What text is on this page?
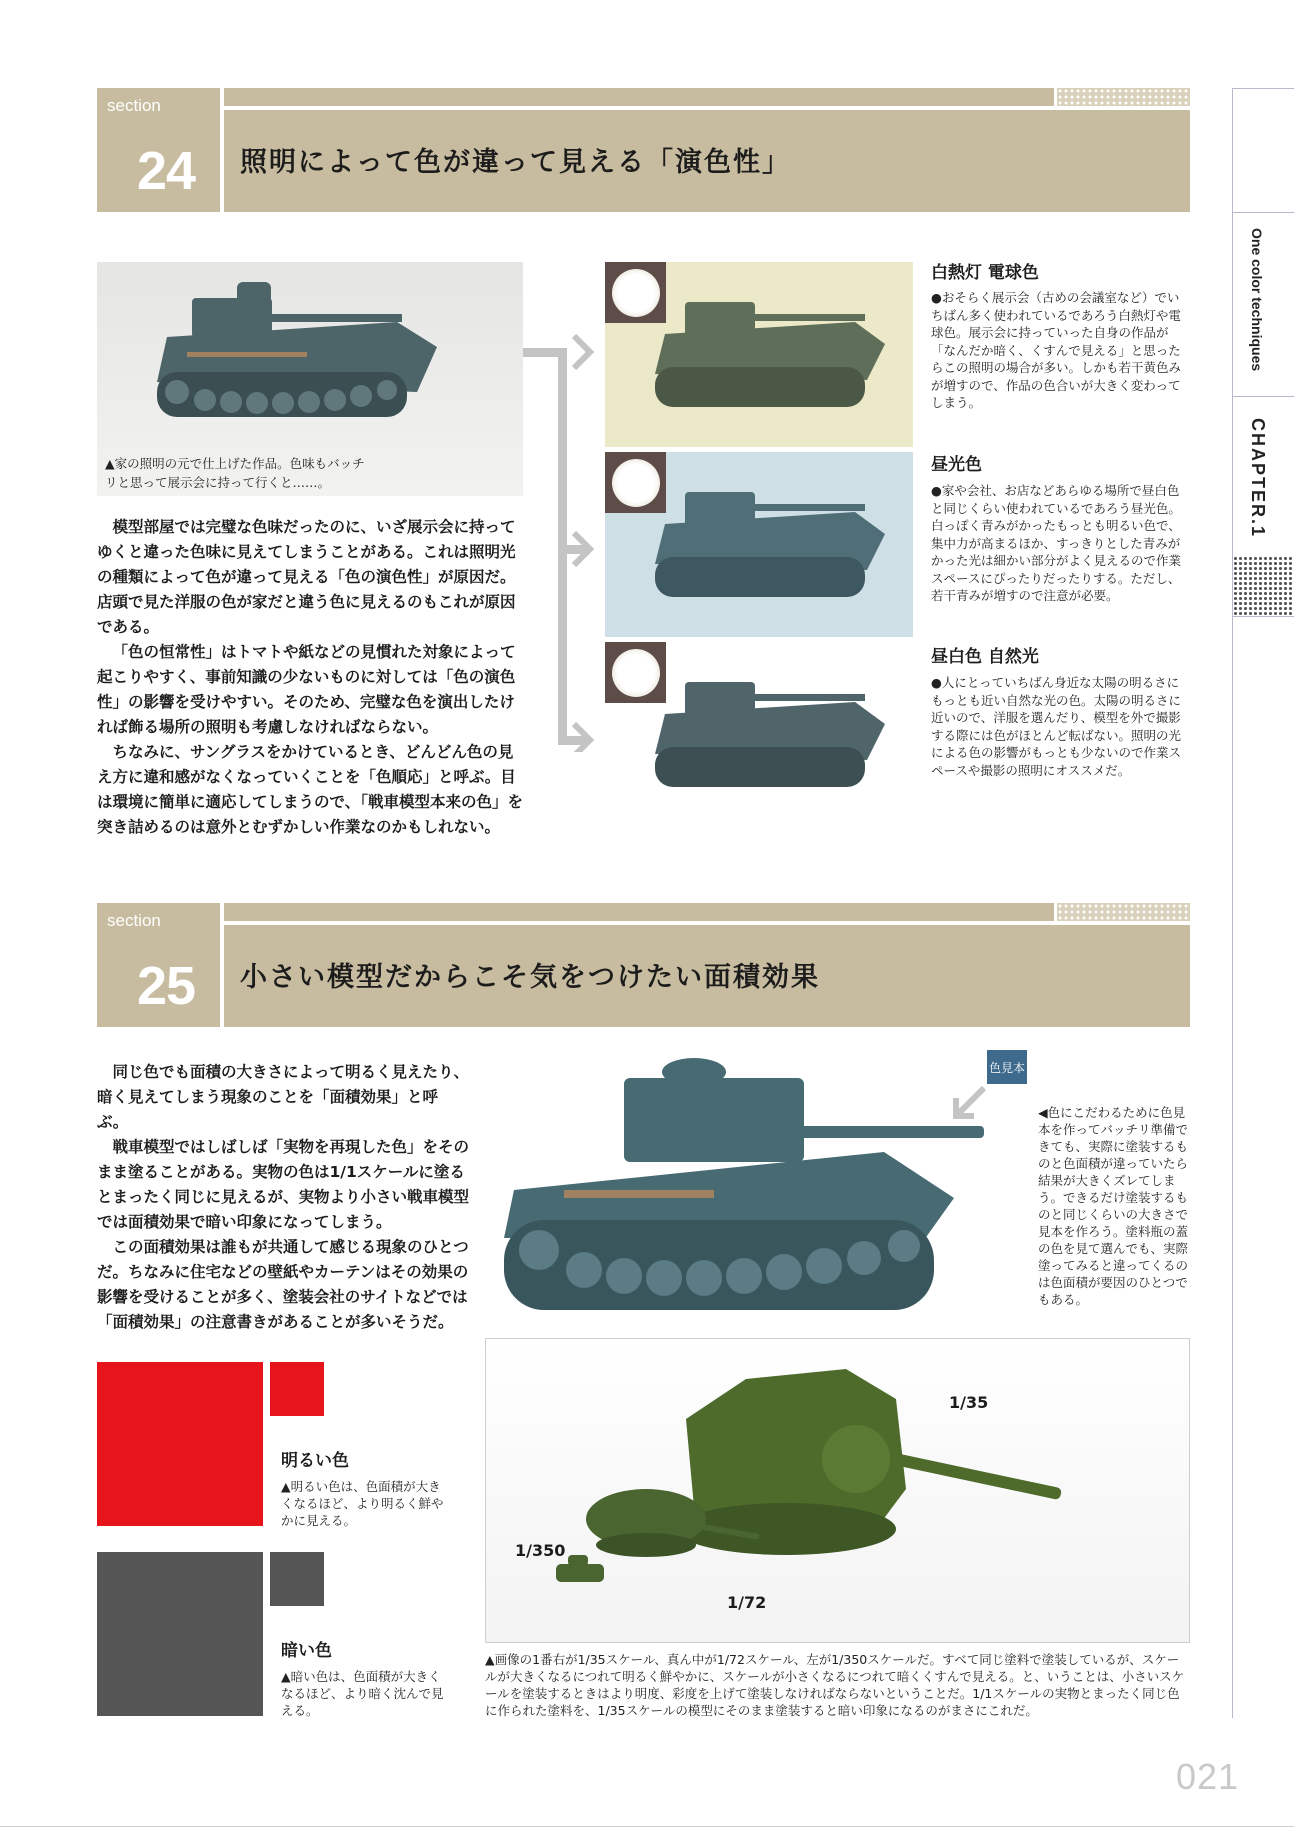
One color techniques
CHAPTER.1
section
24 照明によって色が違って見える「演色性」
▲家の照明の元で仕上げた作品。色味もバッチリと思って展示会に持って行くと……。

模型部屋では完璧な色味だったのに、いざ展示会に持ってゆくと違った色味に見えてしまうことがある。これは照明光の種類によって色が違って見える「色の演色性」が原因だ。店頭で見た洋服の色が家だと違う色に見えるのもこれが原因である。

「色の恒常性」はトマトや紙などの見慣れた対象によって起こりやすく、事前知識の少ないものに対しては「色の演色性」の影響を受けやすい。そのため、完璧な色を演出したければ飾る場所の照明も考慮しなければならない。

ちなみに、サングラスをかけているとき、どんどん色の見え方に違和感がなくなっていくことを「色順応」と呼ぶ。目は環境に簡単に適応してしまうので、「戦車模型本来の色」を突き詰めるのは意外とむずかしい作業なのかもしれない。

白熱灯 電球色
●おそらく展示会（古めの会議室など）でいちばん多く使われているであろう白熱灯や電球色。展示会に持っていった自身の作品が「なんだか暗く、くすんで見える」と思ったらこの照明の場合が多い。しかも若干黄色みが増すので、作品の色合いが大きく変わってしまう。
昼光色
●家や会社、お店などあらゆる場所で昼白色と同じくらい使われているであろう昼光色。白っぽく青みがかったもっとも明るい色で、集中力が高まるほか、すっきりとした青みがかった光は細かい部分がよく見えるので作業スペースにぴったりだったりする。ただし、若干青みが増すので注意が必要。
昼白色 自然光
●人にとっていちばん身近な太陽の明るさにもっとも近い自然な光の色。太陽の明るさに近いので、洋服を選んだり、模型を外で撮影する際には色がほとんど転ばない。照明の光による色の影響がもっとも少ないので作業スペースや撮影の照明にオススメだ。
section
25 小さい模型だからこそ気をつけたい面積効果

同じ色でも面積の大きさによって明るく見えたり、暗く見えてしまう現象のことを「面積効果」と呼ぶ。

戦車模型ではしばしば「実物を再現した色」をそのまま塗ることがある。実物の色は1/1スケールに塗るとまったく同じに見えるが、実物より小さい戦車模型では面積効果で暗い印象になってしまう。

この面積効果は誰もが共通して感じる現象のひとつだ。ちなみに住宅などの壁紙やカーテンはその効果の影響を受けることが多く、塗装会社のサイトなどでは「面積効果」の注意書きがあることが多いそうだ。

色見本
◀色にこだわるために色見本を作ってバッチリ準備できても、実際に塗装するものと色面積が違っていたら結果が大きくズレてしまう。できるだけ塗装するものと同じくらいの大きさで見本を作ろう。塗料瓶の蓋の色を見て選んでも、実際塗ってみると違ってくるのは色面積が要因のひとつでもある。
明るい色
▲明るい色は、色面積が大きくなるほど、より明るく鮮やかに見える。
暗い色
▲暗い色は、色面積が大きくなるほど、より暗く沈んで見える。
1/35
1/72
1/350
▲画像の1番右が1/35スケール、真ん中が1/72スケール、左が1/350スケールだ。すべて同じ塗料で塗装しているが、スケールが大きくなるにつれて明るく鮮やかに、スケールが小さくなるにつれて暗くくすんで見える。と、いうことは、小さいスケールを塗装するときはより明度、彩度を上げて塗装しなければならないということだ。1/1スケールの実物とまったく同じ色に作られた塗料を、1/35スケールの模型にそのまま塗装すると暗い印象になるのがまさにこれだ。
021
